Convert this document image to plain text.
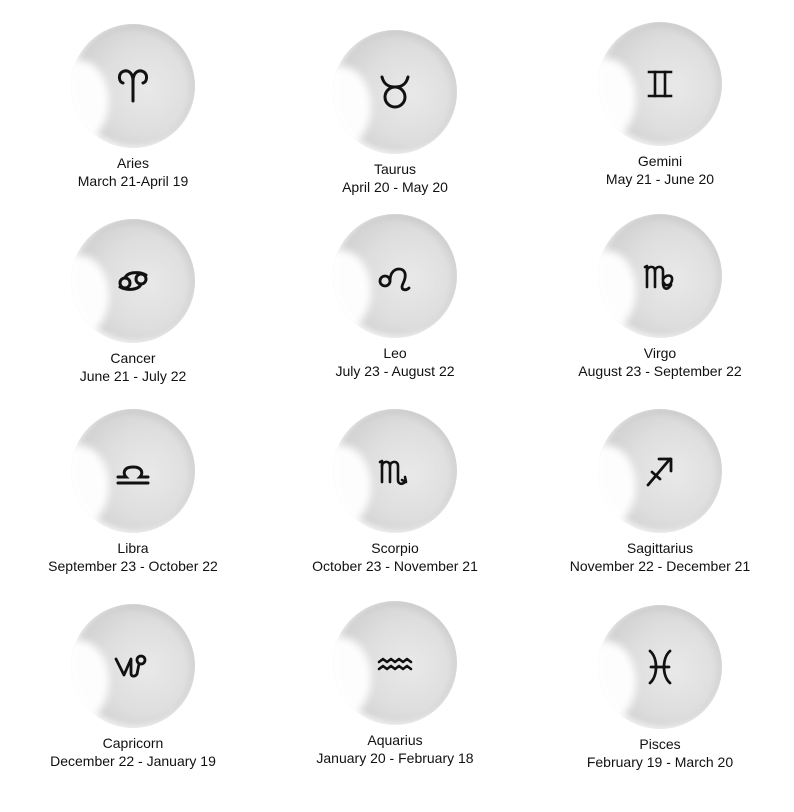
Aries
March 21-April 19
Taurus
April 20 - May 20
Gemini
May 21 - June 20
Cancer
June 21 - July 22
Leo
July 23 - August 22
Virgo
August 23 - September 22
Libra
September 23 - October 22
Scorpio
October 23 - November 21
Sagittarius
November 22 - December 21
Capricorn
December 22 - January 19
Aquarius
January 20 - February 18
Pisces
February 19 - March 20
